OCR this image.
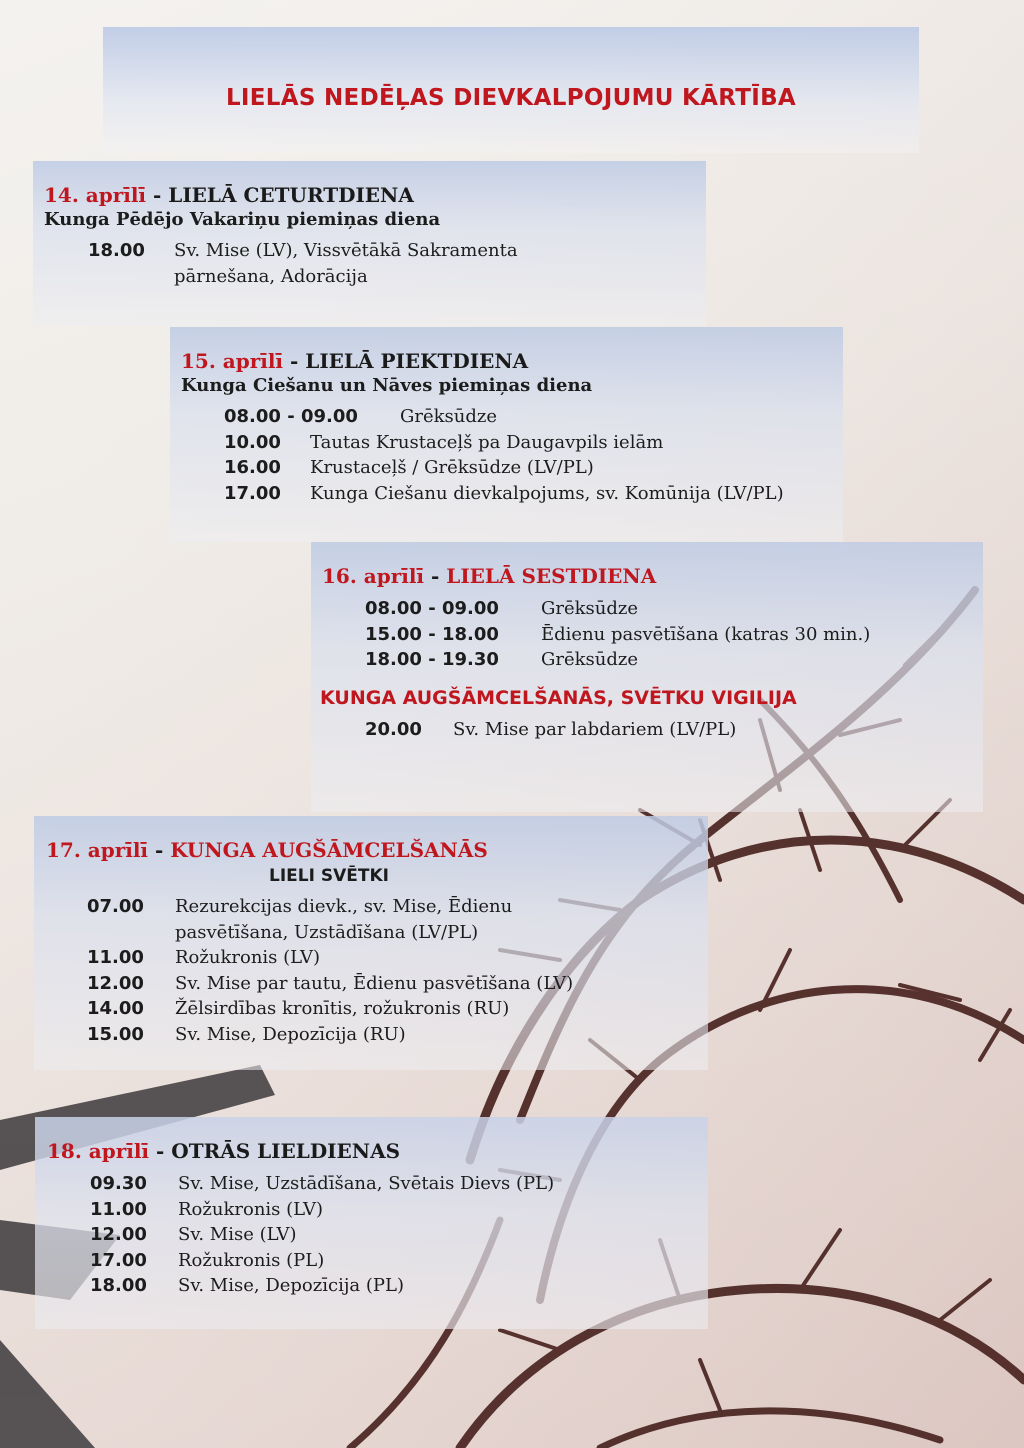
LIELĀS NEDĒĻAS DIEVKALPOJUMU KĀRTĪBA
14. aprīlī - LIELĀ CETURTDIENA
Kunga Pēdējo Vakariņu piemiņas diena
18.00	Sv. Mise (LV), Vissvētākā Sakramenta pārnešana, Adorācija
15. aprīlī - LIELĀ PIEKTDIENA
Kunga Ciešanu un Nāves piemiņas diena
08.00 - 09.00	Grēksūdze
10.00	Tautas Krustaceļš pa Daugavpils ielām
16.00	Krustaceļš / Grēksūdze (LV/PL)
17.00	Kunga Ciešanu dievkalpojums, sv. Komūnija (LV/PL)
16. aprīlī - LIELĀ SESTDIENA
08.00 - 09.00	Grēksūdze
15.00 - 18.00	Ēdienu pasvētīšana (katras 30 min.)
18.00 - 19.30	Grēksūdze
KUNGA AUGŠĀMCELŠANĀS, SVĒTKU VIGILIJA
20.00	Sv. Mise par labdariem (LV/PL)
17. aprīlī - KUNGA AUGŠĀMCELŠANĀS
LIELI SVĒTKI
07.00	Rezurekcijas dievk., sv. Mise, Ēdienu pasvētīšana, Uzstādīšana (LV/PL)
11.00	Rožukronis (LV)
12.00	Sv. Mise par tautu, Ēdienu pasvētīšana (LV)
14.00	Žēlsirdības kronītis, rožukronis (RU)
15.00	Sv. Mise, Depozīcija (RU)
18. aprīlī - OTRĀS LIELDIENAS
09.30	Sv. Mise, Uzstādīšana, Svētais Dievs (PL)
11.00	Rožukronis (LV)
12.00	Sv. Mise (LV)
17.00	Rožukronis (PL)
18.00	Sv. Mise, Depozīcija (PL)
